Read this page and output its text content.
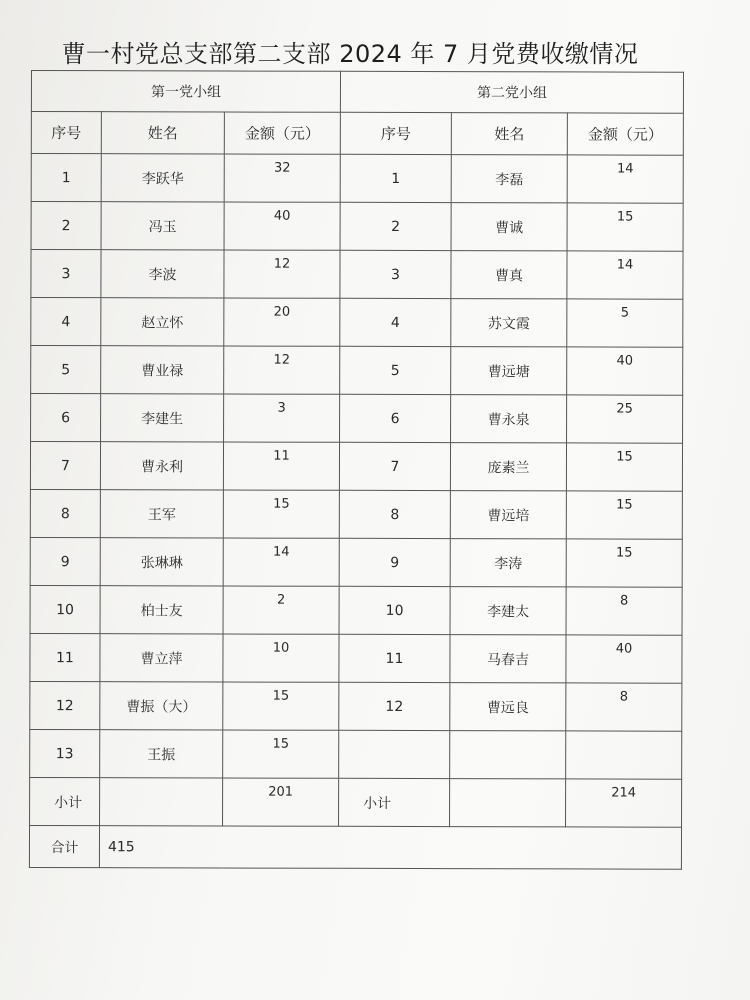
曹一村党总支部第二支部 2024 年 7 月党费收缴情况
第一党小组			第二党小组		
序号	姓名	金额（元）	序号	姓名	金额（元）
1	李跃华	32	1	李磊	14
2	冯玉	40	2	曹诚	15
3	李波	12	3	曹真	14
4	赵立怀	20	4	苏文霞	5
5	曹业禄	12	5	曹远塘	40
6	李建生	3	6	曹永泉	25
7	曹永利	11	7	庞素兰	15
8	王军	15	8	曹远培	15
9	张琳琳	14	9	李涛	15
10	柏士友	2	10	李建太	8
11	曹立萍	10	11	马春吉	40
12	曹振（大）	15	12	曹远良	8
13	王振	15			
小计		201	小计		214
合计	415				
